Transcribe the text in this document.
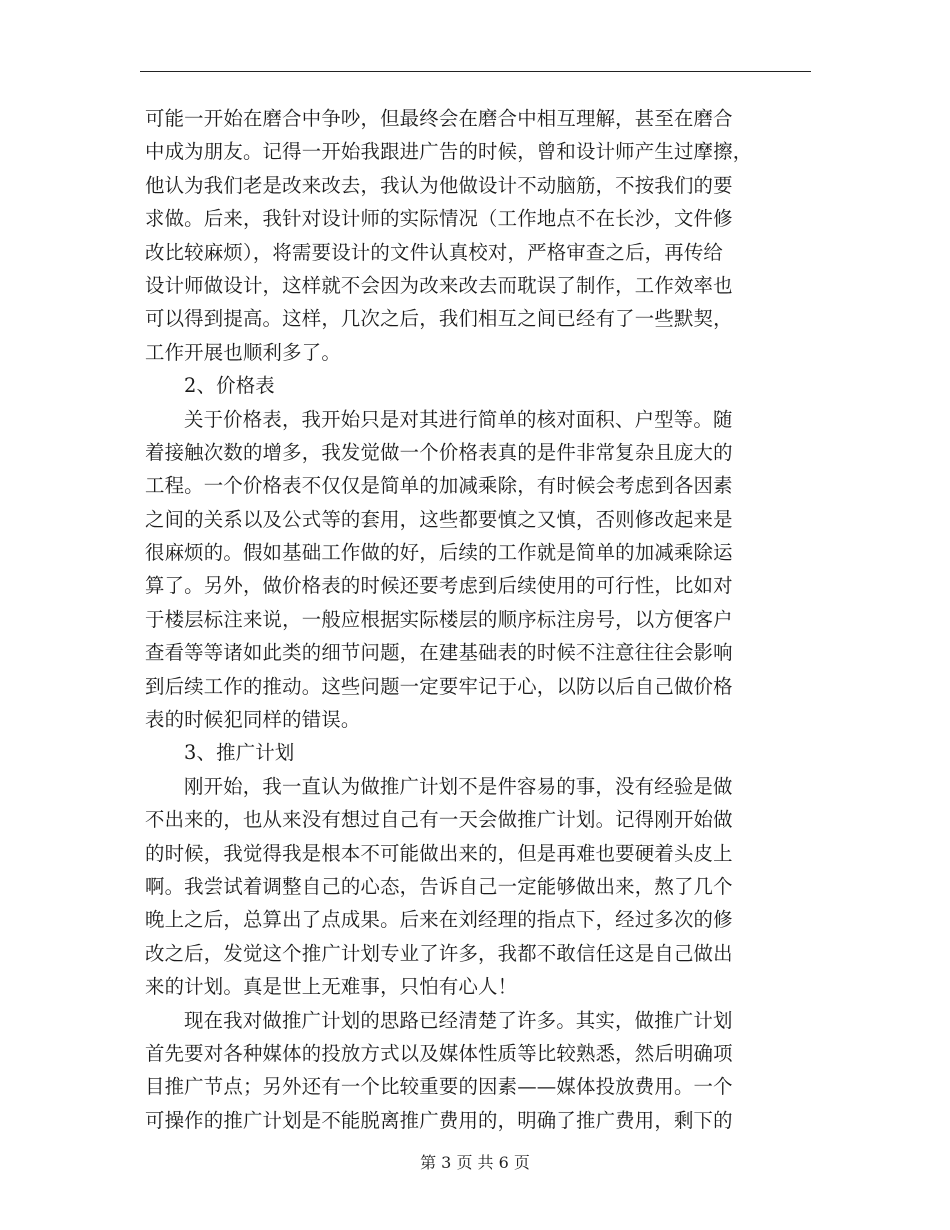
可能一开始在磨合中争吵，但最终会在磨合中相互理解，甚至在磨合
中成为朋友。记得一开始我跟进广告的时候，曾和设计师产生过摩擦，
他认为我们老是改来改去，我认为他做设计不动脑筋，不按我们的要
求做。后来，我针对设计师的实际情况（工作地点不在长沙，文件修
改比较麻烦），将需要设计的文件认真校对，严格审查之后，再传给
设计师做设计，这样就不会因为改来改去而耽误了制作，工作效率也
可以得到提高。这样，几次之后，我们相互之间已经有了一些默契，
工作开展也顺利多了。
2、价格表
关于价格表，我开始只是对其进行简单的核对面积、户型等。随
着接触次数的增多，我发觉做一个价格表真的是件非常复杂且庞大的
工程。一个价格表不仅仅是简单的加减乘除，有时候会考虑到各因素
之间的关系以及公式等的套用，这些都要慎之又慎，否则修改起来是
很麻烦的。假如基础工作做的好，后续的工作就是简单的加减乘除运
算了。另外，做价格表的时候还要考虑到后续使用的可行性，比如对
于楼层标注来说，一般应根据实际楼层的顺序标注房号，以方便客户
查看等等诸如此类的细节问题，在建基础表的时候不注意往往会影响
到后续工作的推动。这些问题一定要牢记于心，以防以后自己做价格
表的时候犯同样的错误。
3、推广计划
刚开始，我一直认为做推广计划不是件容易的事，没有经验是做
不出来的，也从来没有想过自己有一天会做推广计划。记得刚开始做
的时候，我觉得我是根本不可能做出来的，但是再难也要硬着头皮上
啊。我尝试着调整自己的心态，告诉自己一定能够做出来，熬了几个
晚上之后，总算出了点成果。后来在刘经理的指点下，经过多次的修
改之后，发觉这个推广计划专业了许多，我都不敢信任这是自己做出
来的计划。真是世上无难事，只怕有心人！
现在我对做推广计划的思路已经清楚了许多。其实，做推广计划
首先要对各种媒体的投放方式以及媒体性质等比较熟悉，然后明确项
目推广节点；另外还有一个比较重要的因素——媒体投放费用。一个
可操作的推广计划是不能脱离推广费用的，明确了推广费用，剩下的
第 3 页 共 6 页
